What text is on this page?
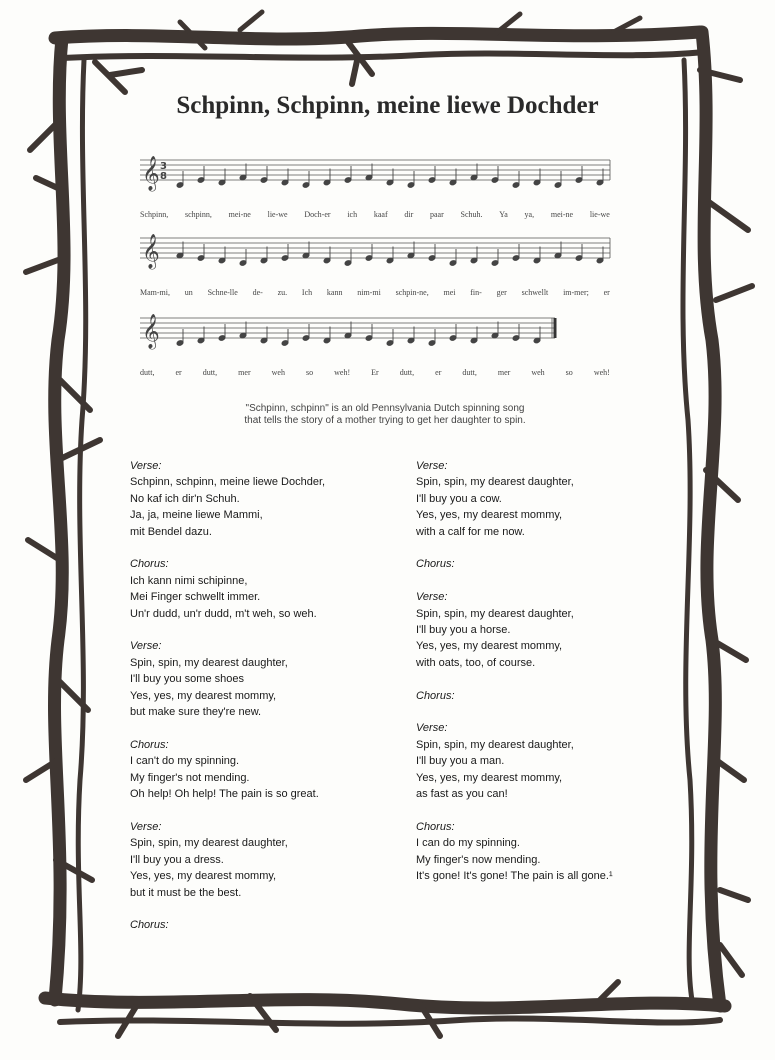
Schpinn, Schpinn, meine liewe Dochder
𝄞
𝄞
𝄞
3
8
Schpinn, schpinn, mei-ne lie-we Doch-er ich kaaf dir paar Schuh. Ya ya, mei-ne lie-we
Mam-mi, un Schne-lle de- zu. Ich kann nim-mi schpin-ne, mei fin- ger schwellt im-mer; er
dutt,	er	dutt,	mer	weh	so	weh!	Er	dutt,	er	dutt,	mer	weh	so	weh!
"Schpinn, schpinn" is an old Pennsylvania Dutch spinning song
that tells the story of a mother trying to get her daughter to spin.
Verse:
Schpinn, schpinn, meine liewe Dochder,
No kaf ich dir'n Schuh.
Ja, ja, meine liewe Mammi,
mit Bendel dazu.
Chorus:
Ich kann nimi schipinne,
Mei Finger schwellt immer.
Un'r dudd, un'r dudd, m't weh, so weh.
Verse:
Spin, spin, my dearest daughter,
I'll buy you some shoes
Yes, yes, my dearest mommy,
but make sure they're new.
Chorus:
I can't do my spinning.
My finger's not mending.
Oh help! Oh help! The pain is so great.
Verse:
Spin, spin, my dearest daughter,
I'll buy you a dress.
Yes, yes, my dearest mommy,
but it must be the best.
Chorus:
Verse:
Spin, spin, my dearest daughter,
I'll buy you a cow.
Yes, yes, my dearest mommy,
with a calf for me now.
Chorus:
Verse:
Spin, spin, my dearest daughter,
I'll buy you a horse.
Yes, yes, my dearest mommy,
with oats, too, of course.
Chorus:
Verse:
Spin, spin, my dearest daughter,
I'll buy you a man.
Yes, yes, my dearest mommy,
as fast as you can!
Chorus:
I can do my spinning.
My finger's now mending.
It's gone! It's gone! The pain is all gone.¹
